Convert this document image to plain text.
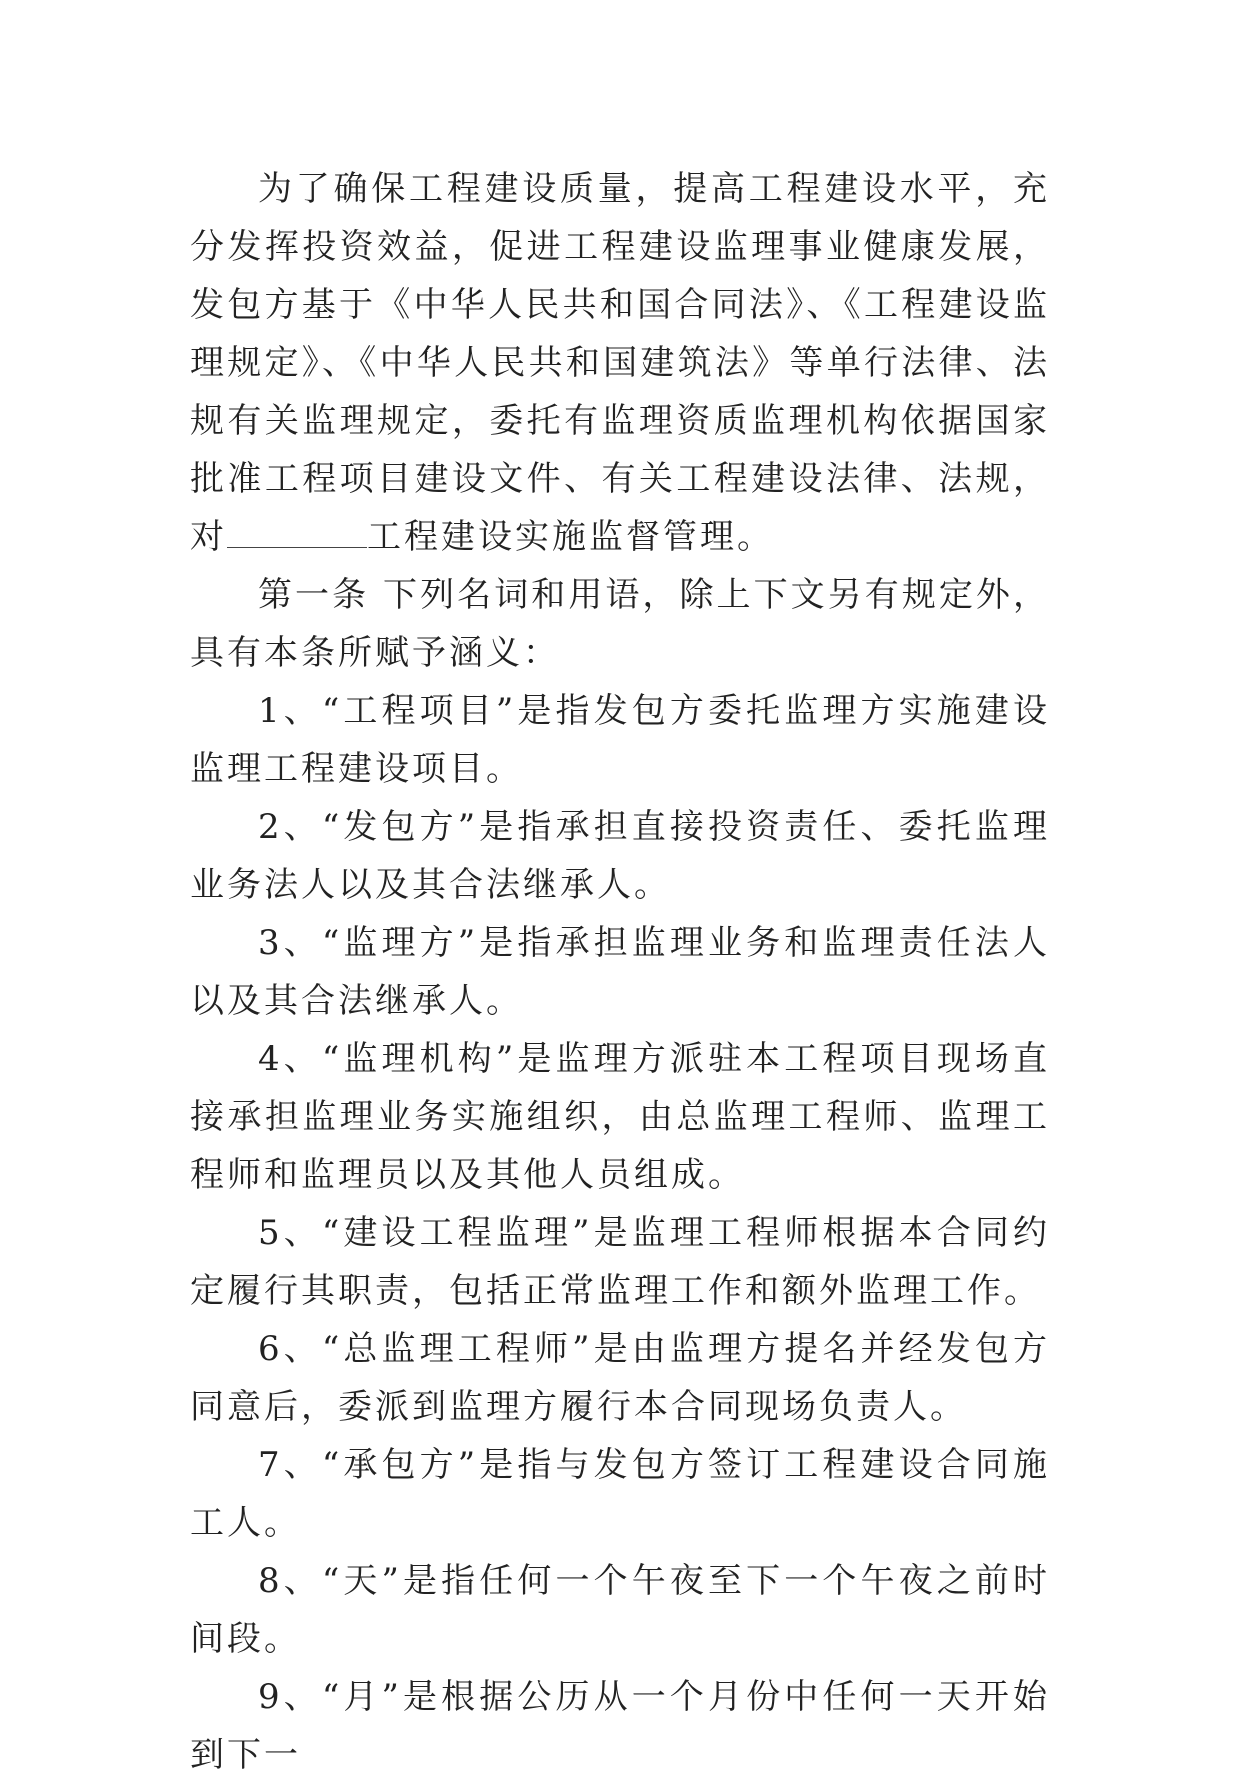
为了确保工程建设质量，提高工程建设水平，充分发挥投资效益，促进工程建设监理事业健康发展，发包方基于《中华人民共和国合同法》、《工程建设监理规定》、《中华人民共和国建筑法》等单行法律、法规有关监理规定，委托有监理资质监理机构依据国家批准工程项目建设文件、有关工程建设法律、法规，对	工程建设实施监督管理。

第一条 下列名词和用语，除上下文另有规定外，具有本条所赋予涵义：

1、“工程项目”是指发包方委托监理方实施建设监理工程建设项目。

2、“发包方”是指承担直接投资责任、委托监理业务法人以及其合法继承人。

3、“监理方”是指承担监理业务和监理责任法人以及其合法继承人。

4、“监理机构”是监理方派驻本工程项目现场直接承担监理业务实施组织，由总监理工程师、监理工程师和监理员以及其他人员组成。

5、“建设工程监理”是监理工程师根据本合同约定履行其职责，包括正常监理工作和额外监理工作。

6、“总监理工程师”是由监理方提名并经发包方同意后，委派到监理方履行本合同现场负责人。

7、“承包方”是指与发包方签订工程建设合同施工人。

8、“天”是指任何一个午夜至下一个午夜之前时间段。

9、“月”是根据公历从一个月份中任何一天开始到下一
